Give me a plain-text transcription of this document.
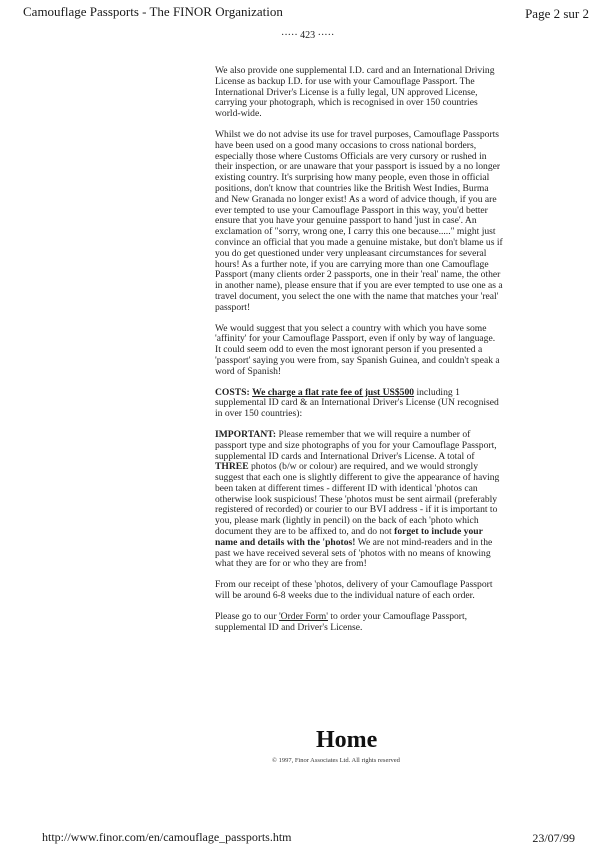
Camouflage Passports - The FINOR Organization	Page 2 sur 2
····· 423 ·····

We also provide one supplemental I.D. card and an International Driving License as backup I.D. for use with your Camouflage Passport. The International Driver's License is a fully legal, UN approved License, carrying your photograph, which is recognised in over 150 countries world-wide.

Whilst we do not advise its use for travel purposes, Camouflage Passports have been used on a good many occasions to cross national borders, especially those where Customs Officials are very cursory or rushed in their inspection, or are unaware that your passport is issued by a no longer existing country. It's surprising how many people, even those in official positions, don't know that countries like the British West Indies, Burma and New Granada no longer exist! As a word of advice though, if you are ever tempted to use your Camouflage Passport in this way, you'd better ensure that you have your genuine passport to hand 'just in case'. An exclamation of "sorry, wrong one, I carry this one because....." might just convince an official that you made a genuine mistake, but don't blame us if you do get questioned under very unpleasant circumstances for several hours! As a further note, if you are carrying more than one Camouflage Passport (many clients order 2 passports, one in their 'real' name, the other in another name), please ensure that if you are ever tempted to use one as a travel document, you select the one with the name that matches your 'real' passport!

We would suggest that you select a country with which you have some 'affinity' for your Camouflage Passport, even if only by way of language. It could seem odd to even the most ignorant person if you presented a 'passport' saying you were from, say Spanish Guinea, and couldn't speak a word of Spanish!

COSTS: We charge a flat rate fee of just US$500 including 1 supplemental ID card & an International Driver's License (UN recognised in over 150 countries):

IMPORTANT: Please remember that we will require a number of passport type and size photographs of you for your Camouflage Passport, supplemental ID cards and International Driver's License. A total of THREE photos (b/w or colour) are required, and we would strongly suggest that each one is slightly different to give the appearance of having been taken at different times - different ID with identical 'photos can otherwise look suspicious! These 'photos must be sent airmail (preferably registered of recorded) or courier to our BVI address - if it is important to you, please mark (lightly in pencil) on the back of each 'photo which document they are to be affixed to, and do not forget to include your name and details with the 'photos! We are not mind-readers and in the past we have received several sets of 'photos with no means of knowing what they are for or who they are from!

From our receipt of these 'photos, delivery of your Camouflage Passport will be around 6-8 weeks due to the individual nature of each order.

Please go to our 'Order Form' to order your Camouflage Passport, supplemental ID and Driver's License.

Home
© 1997, Finor Associates Ltd. All rights reserved
http://www.finor.com/en/camouflage_passports.htm	23/07/99
